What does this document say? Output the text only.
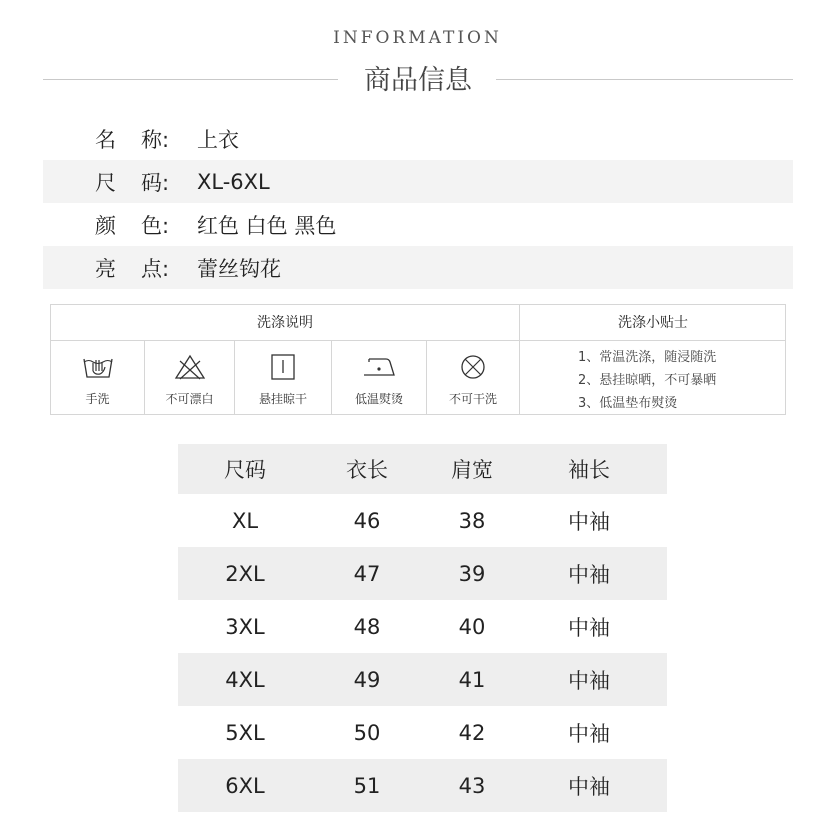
INFORMATION
商品信息
名	称:	上衣
尺	码:	XL-6XL
颜	色:	红色 白色 黑色
亮	点:	蕾丝钩花
洗涤说明	洗涤小贴士
手洗	不可漂白	悬挂晾干	低温熨烫	不可干洗
1、常温洗涤，随浸随洗
2、悬挂晾晒，不可暴晒
3、低温垫布熨烫
尺码	衣长	肩宽	袖长
XL	46	38	中袖
2XL	47	39	中袖
3XL	48	40	中袖
4XL	49	41	中袖
5XL	50	42	中袖
6XL	51	43	中袖
